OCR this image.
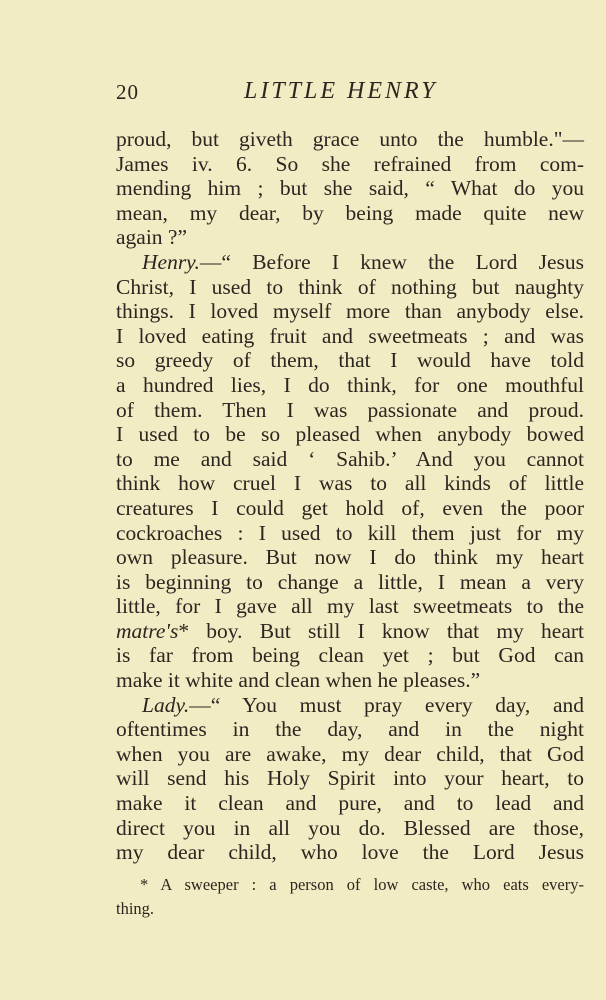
20	LITTLE HENRY
proud, but giveth grace unto the humble."—
James iv. 6. So she refrained from com-
mending him ; but she said, “ What do you
mean, my dear, by being made quite new
again ?”
Henry.—“ Before I knew the Lord Jesus
Christ, I used to think of nothing but naughty
things. I loved myself more than anybody else.
I loved eating fruit and sweetmeats ; and was
so greedy of them, that I would have told
a hundred lies, I do think, for one mouthful
of them. Then I was passionate and proud.
I used to be so pleased when anybody bowed
to me and said ‘ Sahib.’ And you cannot
think how cruel I was to all kinds of little
creatures I could get hold of, even the poor
cockroaches : I used to kill them just for my
own pleasure. But now I do think my heart
is beginning to change a little, I mean a very
little, for I gave all my last sweetmeats to the
matre's* boy. But still I know that my heart
is far from being clean yet ; but God can
make it white and clean when he pleases.”
Lady.—“ You must pray every day, and
oftentimes in the day, and in the night
when you are awake, my dear child, that God
will send his Holy Spirit into your heart, to
make it clean and pure, and to lead and
direct you in all you do. Blessed are those,
my dear child, who love the Lord Jesus
* A sweeper : a person of low caste, who eats every-
thing.
